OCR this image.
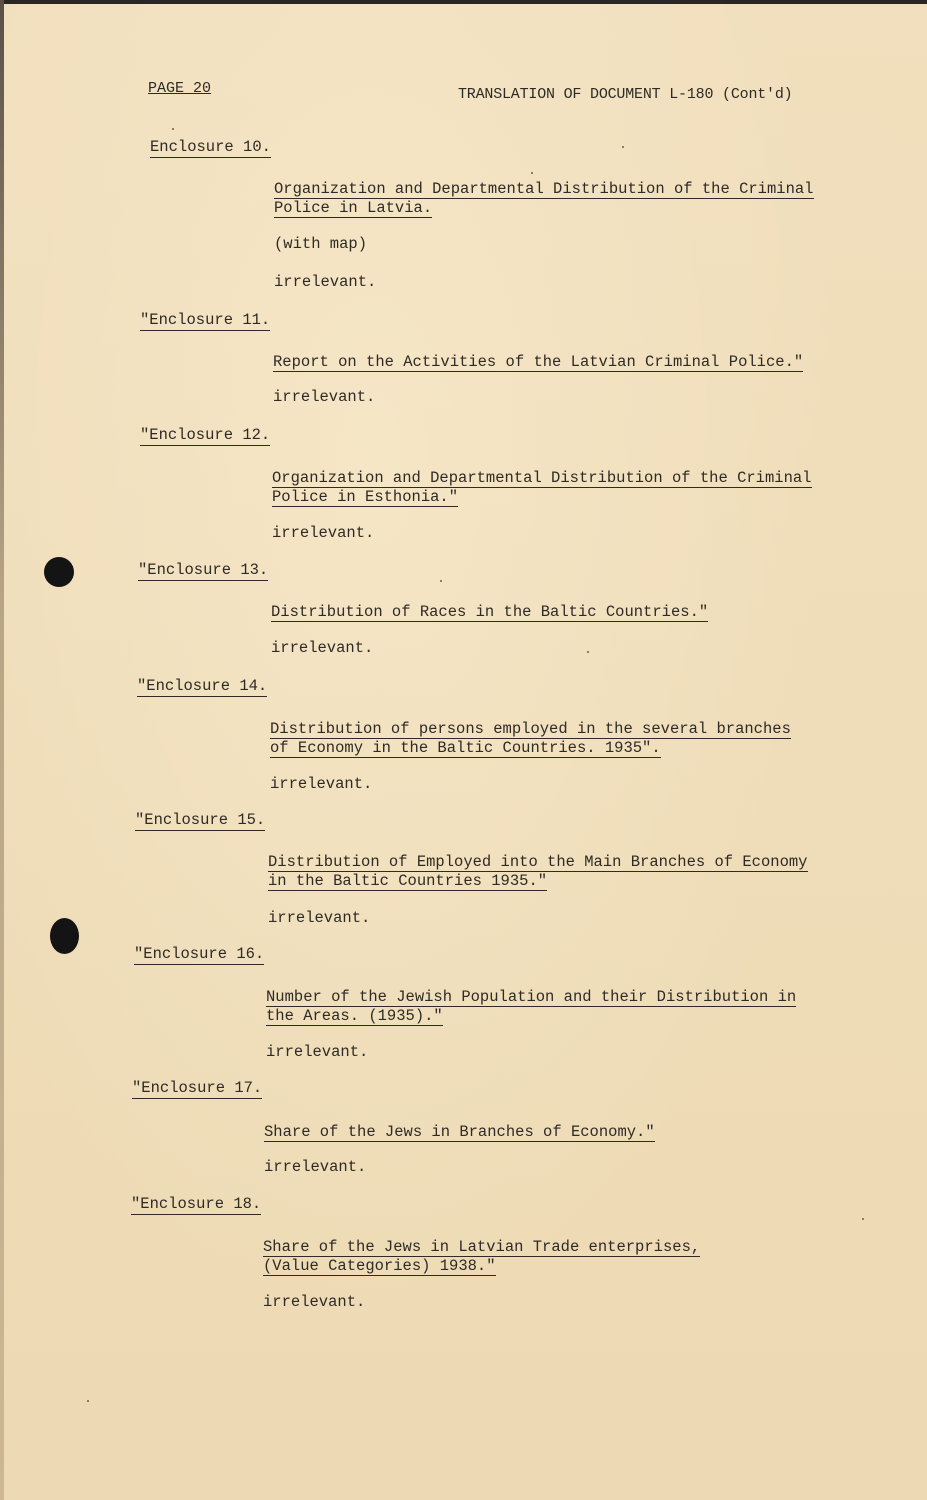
PAGE 20	TRANSLATION OF DOCUMENT L-180 (Cont'd)
Enclosure 10.
Organization and Departmental Distribution of the Criminal
Police in Latvia.
(with map)
irrelevant.
"Enclosure 11.
Report on the Activities of the Latvian Criminal Police."
irrelevant.
"Enclosure 12.
Organization and Departmental Distribution of the Criminal
Police in Esthonia."
irrelevant.
"Enclosure 13.
Distribution of Races in the Baltic Countries."
irrelevant.
"Enclosure 14.
Distribution of persons employed in the several branches
of Economy in the Baltic Countries. 1935".
irrelevant.
"Enclosure 15.
Distribution of Employed into the Main Branches of Economy
in the Baltic Countries 1935."
irrelevant.
"Enclosure 16.
Number of the Jewish Population and their Distribution in
the Areas. (1935)."
irrelevant.
"Enclosure 17.
Share of the Jews in Branches of Economy."
irrelevant.
"Enclosure 18.
Share of the Jews in Latvian Trade enterprises,
(Value Categories) 1938."
irrelevant.
